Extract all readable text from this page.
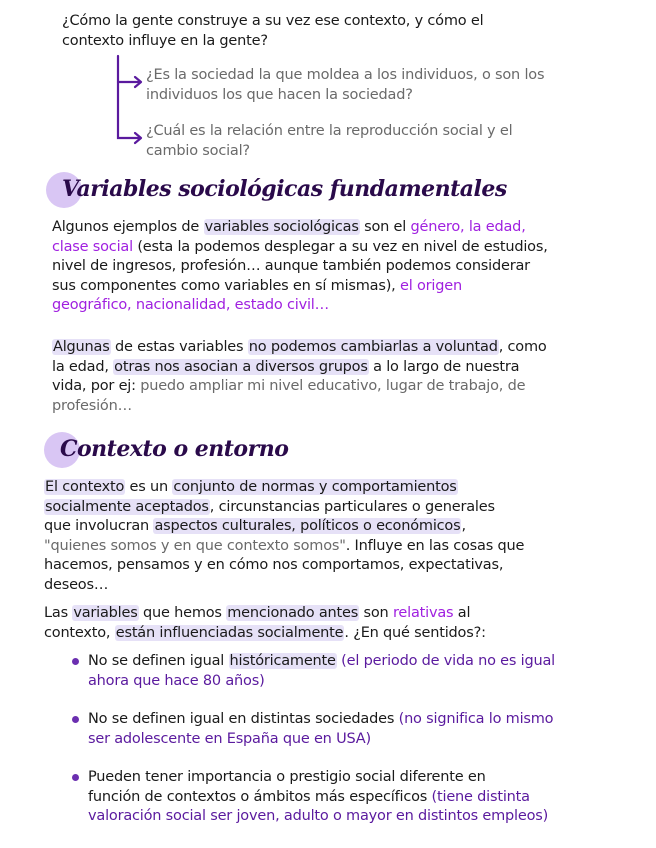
¿Cómo la gente construye a su vez ese contexto, y cómo el
contexto influye en la gente?
¿Es la sociedad la que moldea a los individuos, o son los
individuos los que hacen la sociedad?
¿Cuál es la relación entre la reproducción social y el
cambio social?
Variables sociológicas fundamentales
Algunos ejemplos de variables sociológicas son el género, la edad,
clase social (esta la podemos desplegar a su vez en nivel de estudios,
nivel de ingresos, profesión… aunque también podemos considerar
sus componentes como variables en sí mismas), el origen
geográfico, nacionalidad, estado civil…
Algunas de estas variables no podemos cambiarlas a voluntad, como
la edad, otras nos asocian a diversos grupos a lo largo de nuestra
vida, por ej: puedo ampliar mi nivel educativo, lugar de trabajo, de
profesión…
Contexto o entorno
El contexto es un conjunto de normas y comportamientos
socialmente aceptados, circunstancias particulares o generales
que involucran aspectos culturales, políticos o económicos,
"quienes somos y en que contexto somos". Influye en las cosas que
hacemos, pensamos y en cómo nos comportamos, expectativas,
deseos…
Las variables que hemos mencionado antes son relativas al
contexto, están influenciadas socialmente. ¿En qué sentidos?:
No se definen igual históricamente (el periodo de vida no es igual
ahora que hace 80 años)
No se definen igual en distintas sociedades (no significa lo mismo
ser adolescente en España que en USA)
Pueden tener importancia o prestigio social diferente en
función de contextos o ámbitos más específicos (tiene distinta
valoración social ser joven, adulto o mayor en distintos empleos)
